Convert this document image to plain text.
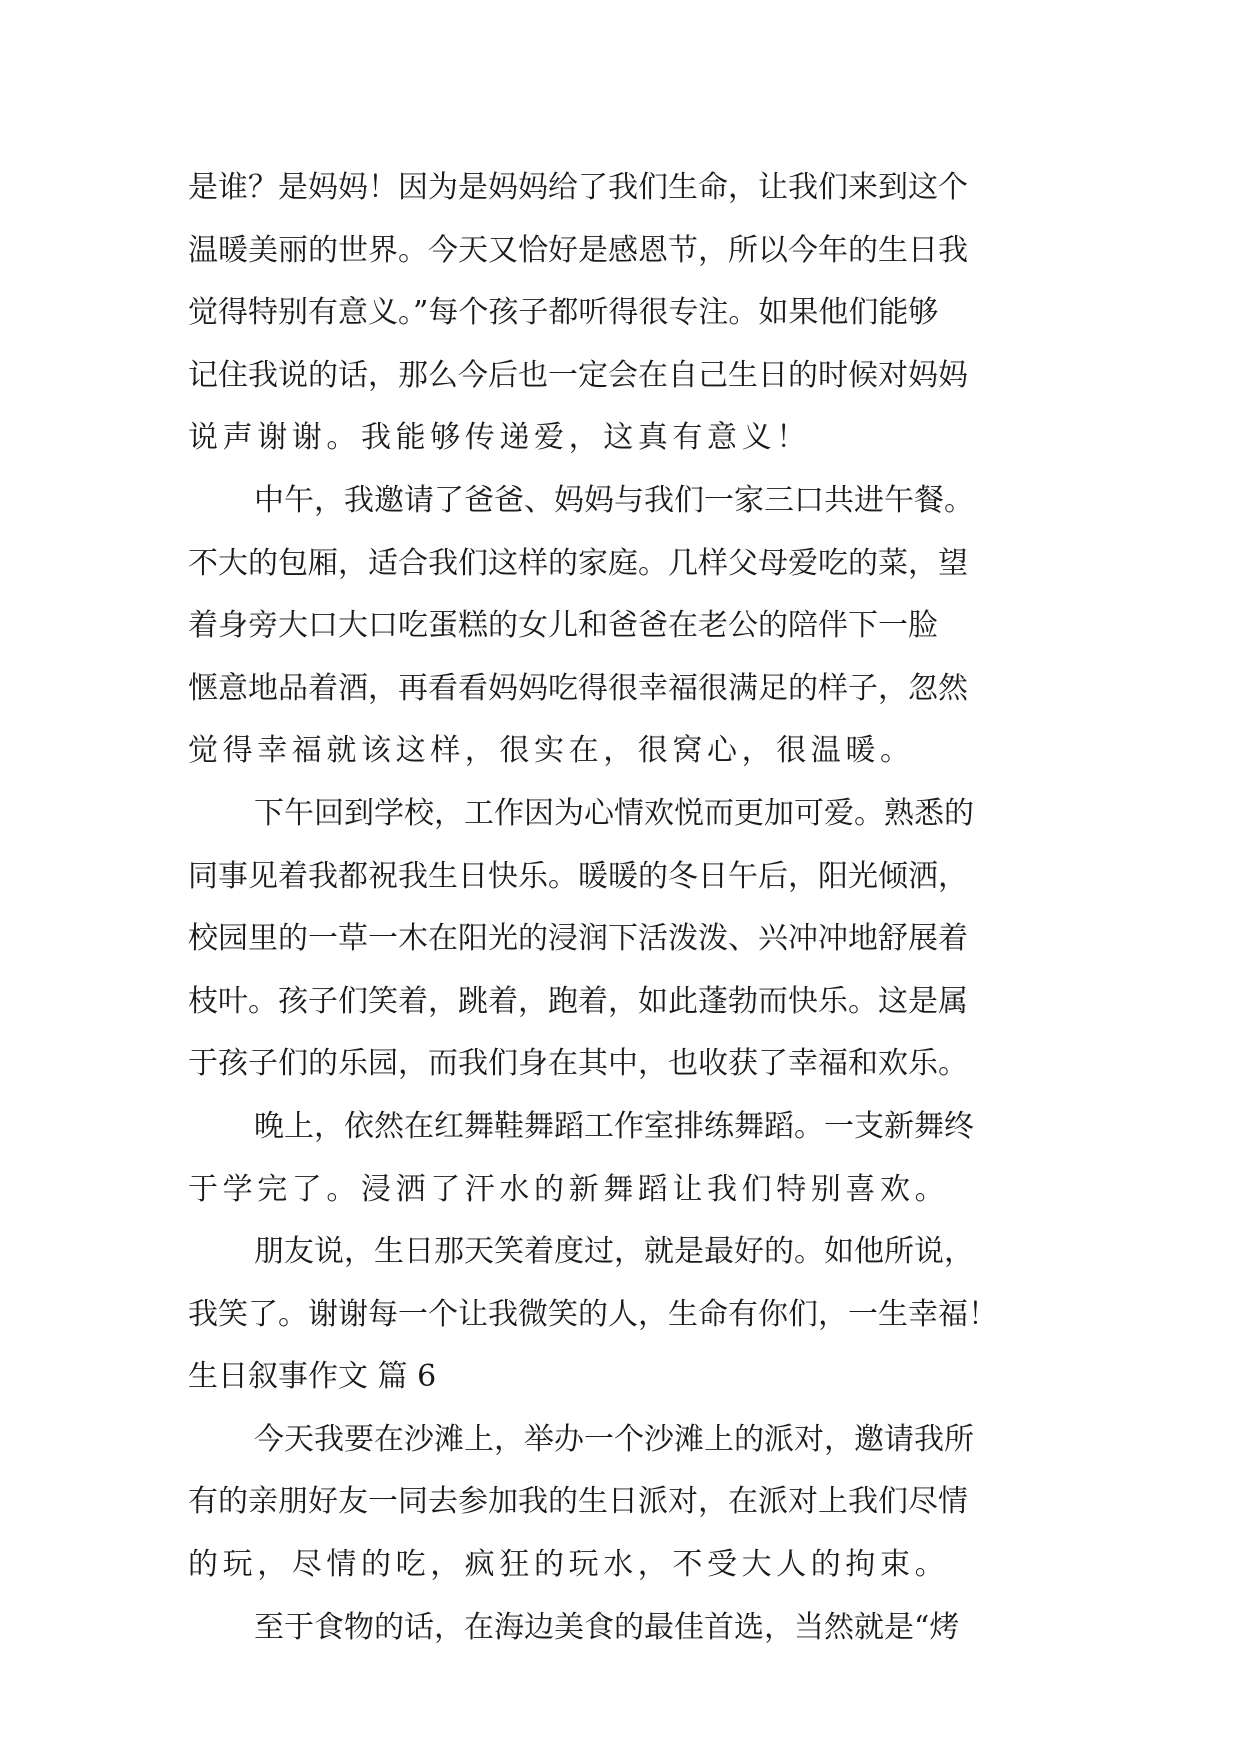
是谁？是妈妈！因为是妈妈给了我们生命，让我们来到这个
温暖美丽的世界。今天又恰好是感恩节，所以今年的生日我
觉得特别有意义。”每个孩子都听得很专注。如果他们能够
记住我说的话，那么今后也一定会在自己生日的时候对妈妈
说声谢谢。我能够传递爱，这真有意义！
中午，我邀请了爸爸、妈妈与我们一家三口共进午餐。
不大的包厢，适合我们这样的家庭。几样父母爱吃的菜，望
着身旁大口大口吃蛋糕的女儿和爸爸在老公的陪伴下一脸
惬意地品着酒，再看看妈妈吃得很幸福很满足的样子，忽然
觉得幸福就该这样，很实在，很窝心，很温暖。
下午回到学校，工作因为心情欢悦而更加可爱。熟悉的
同事见着我都祝我生日快乐。暖暖的冬日午后，阳光倾洒，
校园里的一草一木在阳光的浸润下活泼泼、兴冲冲地舒展着
枝叶。孩子们笑着，跳着，跑着，如此蓬勃而快乐。这是属
于孩子们的乐园，而我们身在其中，也收获了幸福和欢乐。
晚上，依然在红舞鞋舞蹈工作室排练舞蹈。一支新舞终
于学完了。浸洒了汗水的新舞蹈让我们特别喜欢。
朋友说，生日那天笑着度过，就是最好的。如他所说，
我笑了。谢谢每一个让我微笑的人，生命有你们，一生幸福！
生日叙事作文 篇 6
今天我要在沙滩上，举办一个沙滩上的派对，邀请我所
有的亲朋好友一同去参加我的生日派对，在派对上我们尽情
的玩，尽情的吃，疯狂的玩水，不受大人的拘束。
至于食物的话，在海边美食的最佳首选，当然就是“烤
